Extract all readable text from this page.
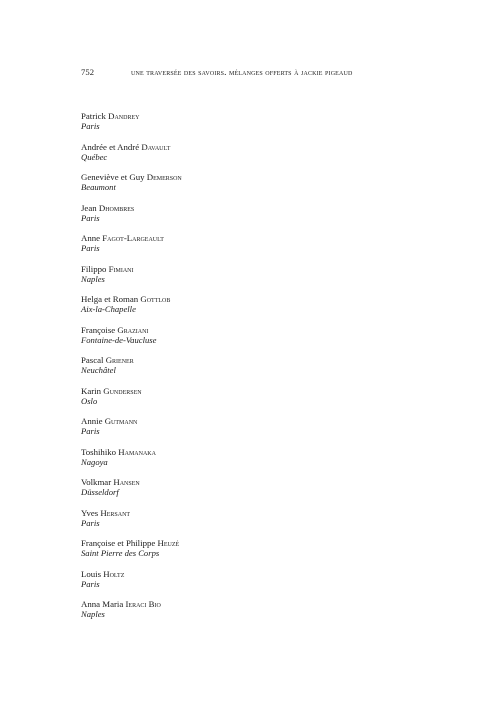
752	une traversée des savoirs. mélanges offerts à jackie pigeaud
Patrick Dandrey
Paris
Andrée et André Davault
Québec
Geneviève et Guy Demerson
Beaumont
Jean Dhombres
Paris
Anne Fagot-Largeault
Paris
Filippo Fimiani
Naples
Helga et Roman Gottlob
Aix-la-Chapelle
Françoise Graziani
Fontaine-de-Vaucluse
Pascal Griener
Neuchâtel
Karin Gundersen
Oslo
Annie Gutmann
Paris
Toshihiko Hamanaka
Nagoya
Volkmar Hansen
Düsseldorf
Yves Hersant
Paris
Françoise et Philippe Heuzé
Saint Pierre des Corps
Louis Holtz
Paris
Anna Maria Ieraci Bio
Naples
